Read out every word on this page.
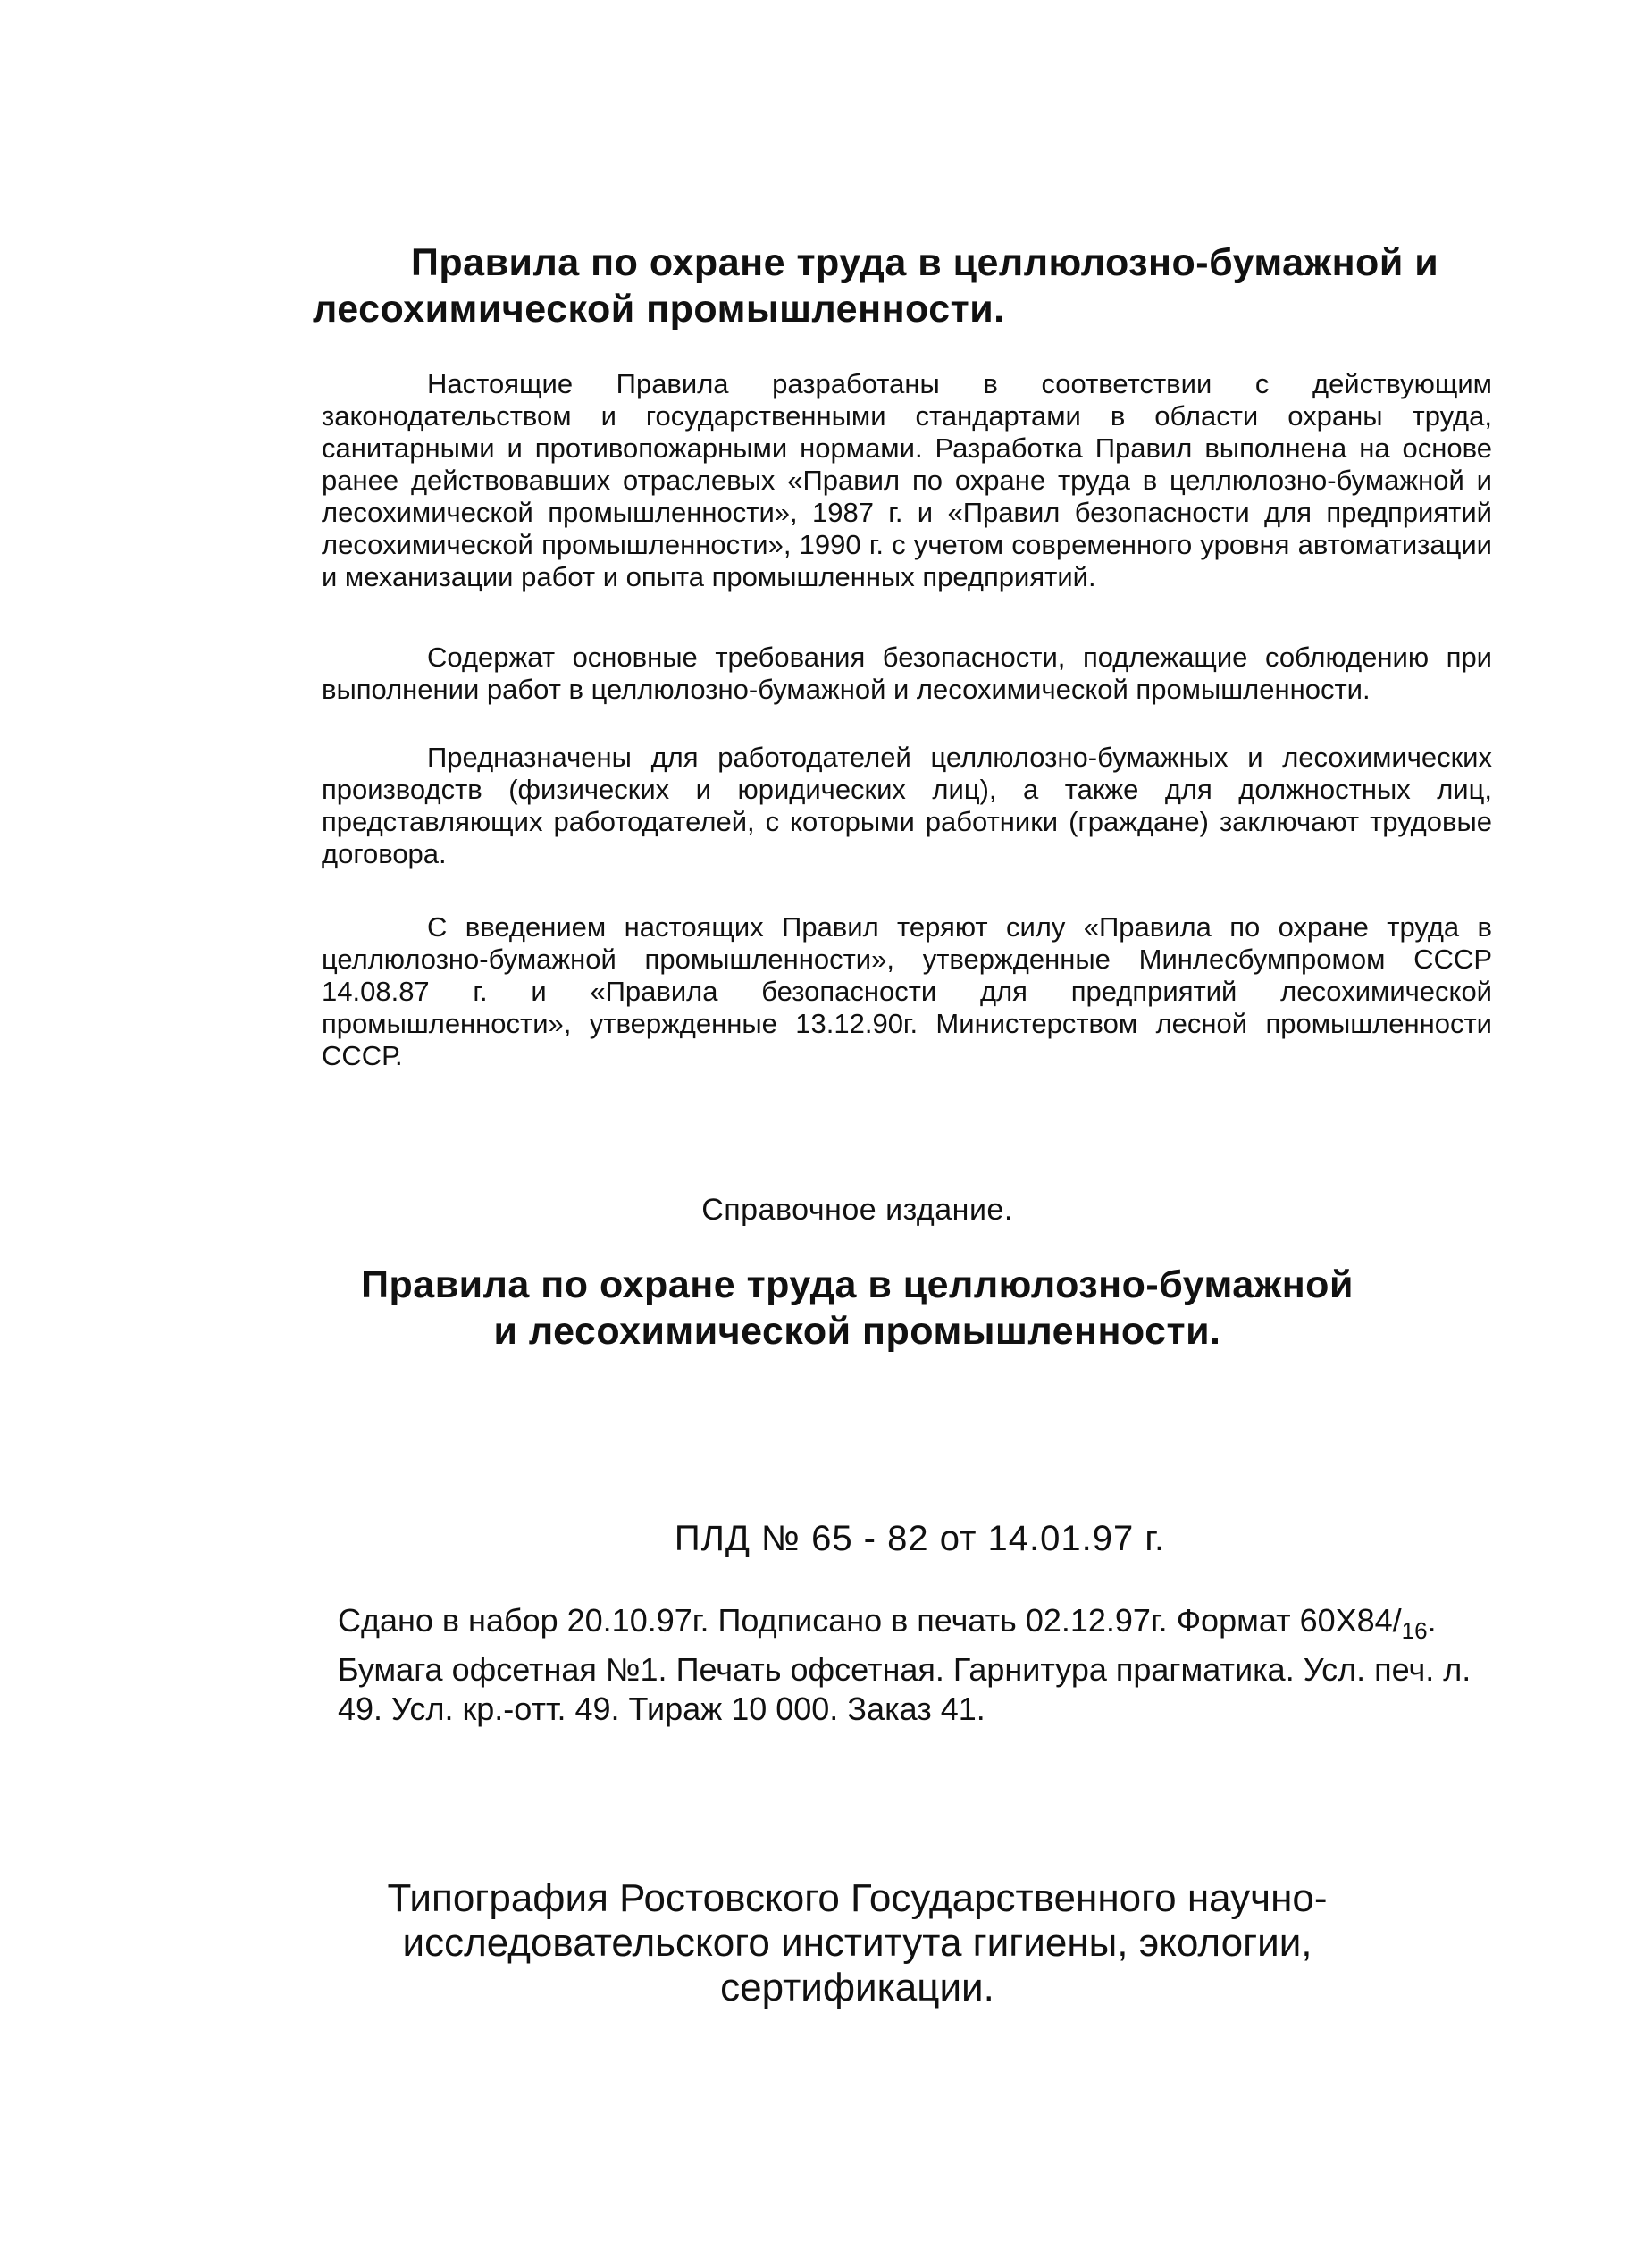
Правила по охране труда в целлюлозно-бумажной и
лесохимической промышленности.

Настоящие Правила разработаны в соответствии с действующим законодательством и государственными стандартами в области охраны труда, санитарными и противопожарными нормами. Разработка Правил выполнена на основе ранее действовавших отраслевых «Правил по охране труда в целлюлозно-бумажной и лесохимической промышленности», 1987 г. и «Правил безопасности для предприятий лесохимической промышленности», 1990 г. с учетом современного уровня автоматизации и механизации работ и опыта промышленных предприятий.

Содержат основные требования безопасности, подлежащие соблюдению при выполнении работ в целлюлозно-бумажной и лесохимической промышленности.

Предназначены для работодателей целлюлозно-бумажных и лесохимических производств (физических и юридических лиц), а также для должностных лиц, представляющих работодателей, с которыми работники (граждане) заключают трудовые договора.

С введением настоящих Правил теряют силу «Правила по охране труда в целлюлозно-бумажной промышленности», утвержденные Минлесбумпромом СССР 14.08.87 г. и «Правила безопасности для предприятий лесохимической промышленности», утвержденные 13.12.90г. Министерством лесной промышленности СССР.

Справочное издание.
Правила по охране труда в целлюлозно-бумажной
и лесохимической промышленности.
ПЛД № 65 - 82 от 14.01.97 г.
Сдано в набор 20.10.97г. Подписано в печать 02.12.97г. Формат $60Х84/_{16}$.
Бумага офсетная №1. Печать офсетная. Гарнитура прагматика. Усл. печ. л.
49. Усл. кр.-отт. 49. Тираж 10 000. Заказ 41.
Типография Ростовского Государственного научно-
исследовательского института гигиены, экологии,
сертификации.
